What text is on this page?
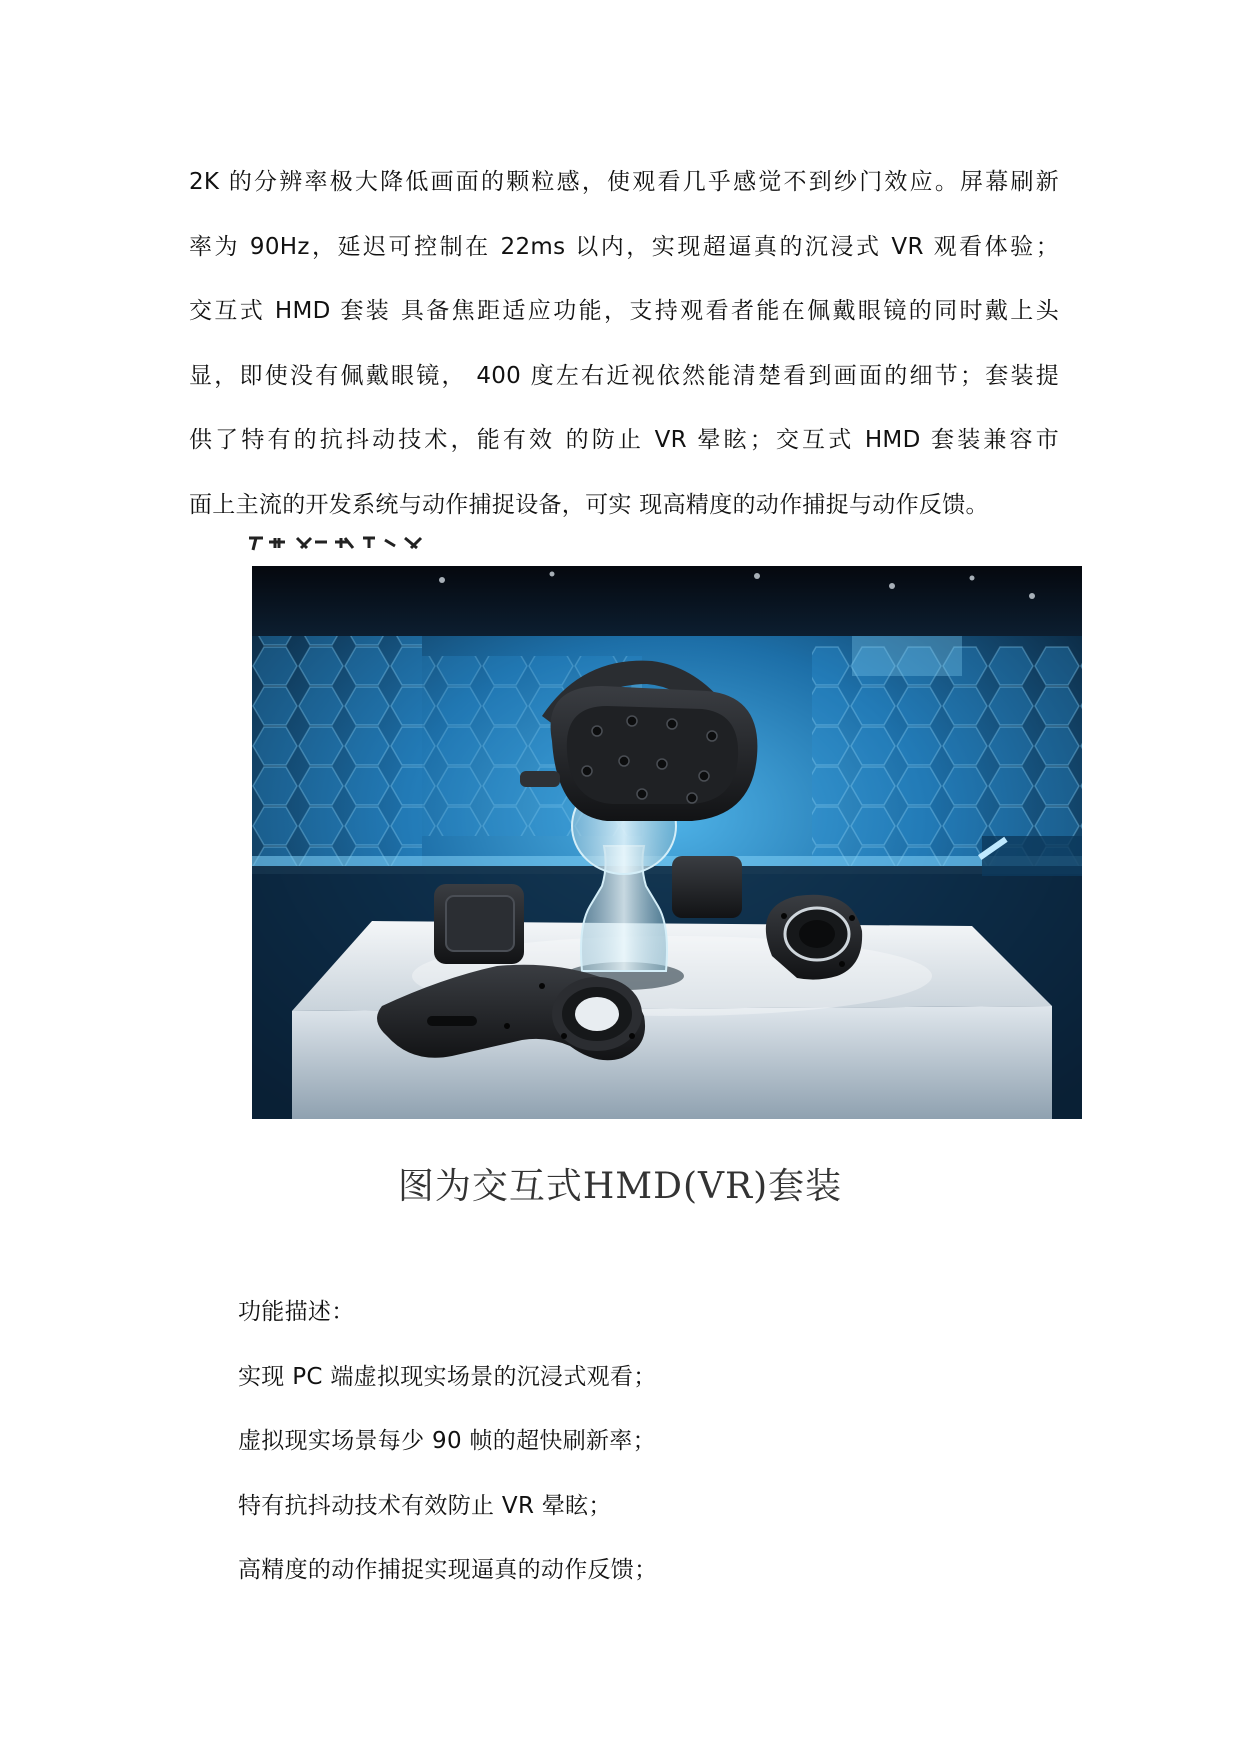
2K 的分辨率极大降低画面的颗粒感，使观看几乎感觉不到纱门效应。屏幕刷新
率为 90Hz，延迟可控制在 22ms 以内，实现超逼真的沉浸式 VR 观看体验；
交互式 HMD 套装 具备焦距适应功能，支持观看者能在佩戴眼镜的同时戴上头
显，即使没有佩戴眼镜， 400 度左右近视依然能清楚看到画面的细节；套装提
供了特有的抗抖动技术，能有效 的防止 VR 晕眩；交互式 HMD 套装兼容市
面上主流的开发系统与动作捕捉设备，可实 现高精度的动作捕捉与动作反馈。
图为交互式HMD(VR)套装
功能描述：
实现 PC 端虚拟现实场景的沉浸式观看；
虚拟现实场景每少 90 帧的超快刷新率；
特有抗抖动技术有效防止 VR 晕眩；
高精度的动作捕捉实现逼真的动作反馈；
